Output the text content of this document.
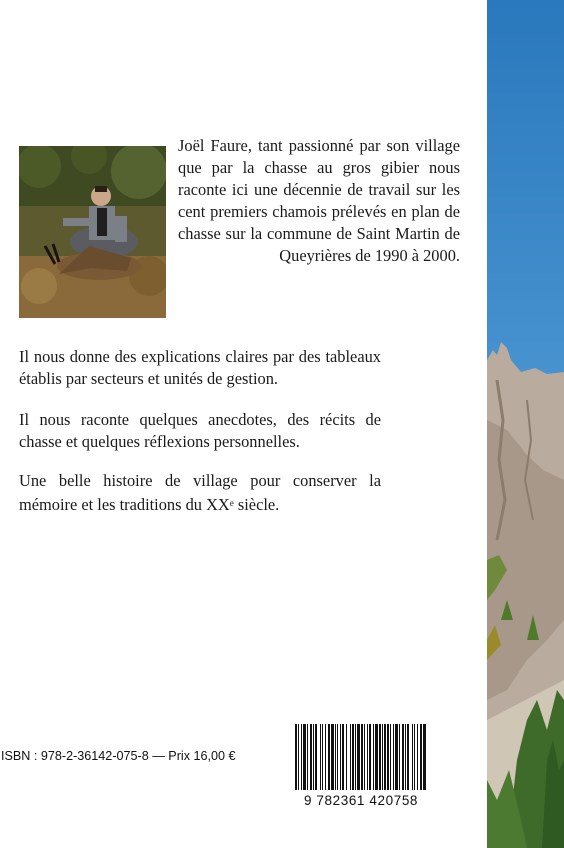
Joël Faure, tant passionné par son village que par la chasse au gros gibier nous raconte ici une décennie de travail sur les cent premiers chamois prélevés en plan de chasse sur la commune de Saint Martin de Queyrières de 1990 à 2000.

Il nous donne des explications claires par des tableaux établis par secteurs et unités de gestion.

Il nous raconte quelques anecdotes, des récits de chasse et quelques réflexions personnelles.

Une belle histoire de village pour conserver la mémoire et les traditions du XXe siècle.

ISBN : 978-2-36142-075-8 — Prix 16,00 €
9 782361 420758
